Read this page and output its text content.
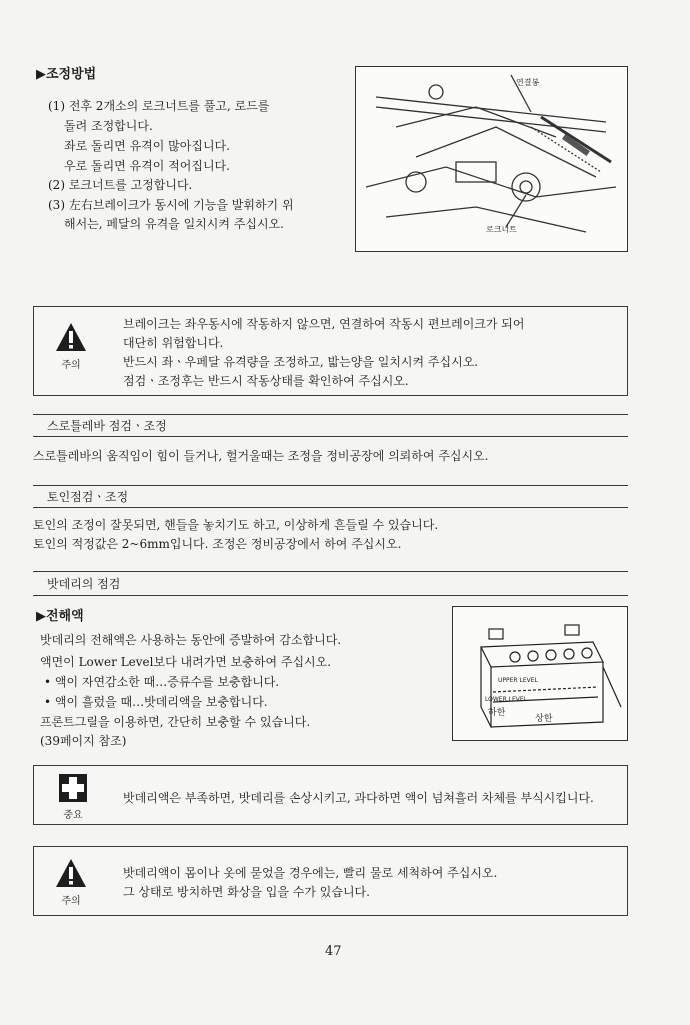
▶조정방법
(1) 전후 2개소의 로크너트를 풀고, 로드를
돌려 조정합니다.
좌로 돌리면 유격이 많아집니다.
우로 돌리면 유격이 적어집니다.
(2) 로크너트를 고정합니다.
(3) 左右브레이크가 동시에 기능을 발휘하기 위
해서는, 페달의 유격을 일치시켜 주십시오.
연결봉
로크너트
주의
브레이크는 좌우동시에 작동하지 않으면, 연결하여 작동시 편브레이크가 되어
대단히 위험합니다.
반드시 좌ㆍ우페달 유격량을 조정하고, 밟는양을 일치시켜 주십시오.
점검ㆍ조정후는 반드시 작동상태를 확인하여 주십시오.
스로틀레바 점검ㆍ조정
스로틀레바의 움직임이 힘이 들거나, 헐거울때는 조정을 정비공장에 의뢰하여 주십시오.
토인점검ㆍ조정
토인의 조정이 잘못되면, 핸들을 놓치기도 하고, 이상하게 흔들릴 수 있습니다.
토인의 적정값은 2~6mm입니다. 조정은 정비공장에서 하여 주십시오.
밧데리의 점검
▶전해액
밧데리의 전해액은 사용하는 동안에 증발하여 감소합니다.
액면이 Lower Level보다 내려가면 보충하여 주십시오.
• 액이 자연감소한 때…증류수를 보충합니다.
• 액이 흘렀을 때…밧데리액을 보충합니다.
프론트그릴을 이용하면, 간단히 보충할 수 있습니다.
(39페이지 참조)
UPPER LEVEL
LOWER LEVEL
하한
상한
중요
밧데리액은 부족하면, 밧데리를 손상시키고, 과다하면 액이 넘쳐흘러 차체를 부식시킵니다.
주의
밧데리액이 몸이나 옷에 묻었을 경우에는, 빨리 물로 세척하여 주십시오.
그 상태로 방치하면 화상을 입을 수가 있습니다.
47
